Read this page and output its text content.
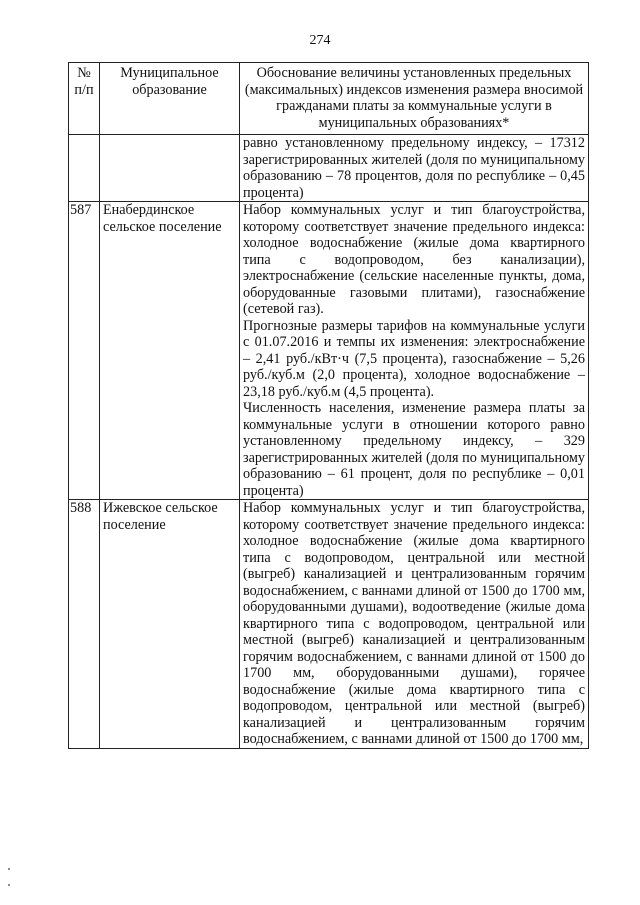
274
№ п/п	Муниципальное образование	Обоснование величины установленных предельных (максимальных) индексов изменения размера вносимой гражданами платы за коммунальные услуги в муниципальных образованиях*

		равно установленному предельному индексу, – 17312 зарегистрированных жителей (доля по муниципальному образованию – 78 процентов, доля по республике – 0,45 процента)

587	Енабердинское сельское поселение	Набор коммунальных услуг и тип благоустройства, которому соответствует значение предельного индекса: холодное водоснабжение (жилые дома квартирного типа с водопроводом, без канализации), электроснабжение (сельские населенные пункты, дома, оборудованные газовыми плитами), газоснабжение (сетевой газ).

Прогнозные размеры тарифов на коммунальные услуги с 01.07.2016 и темпы их изменения: электроснабжение – 2,41 руб./кВт·ч (7,5 процента), газоснабжение – 5,26 руб./куб.м (2,0 процента), холодное водоснабжение – 23,18 руб./куб.м (4,5 процента).

Численность населения, изменение размера платы за коммунальные услуги в отношении которого равно установленному предельному индексу, – 329 зарегистрированных жителей (доля по муниципальному образованию – 61 процент, доля по республике – 0,01 процента)

588	Ижевское сельское поселение	Набор коммунальных услуг и тип благоустройства, которому соответствует значение предельного индекса: холодное водоснабжение (жилые дома квартирного типа с водопроводом, центральной или местной (выгреб) канализацией и централизованным горячим водоснабжением, с ваннами длиной от 1500 до 1700 мм, оборудованными душами), водоотведение (жилые дома квартирного типа с водопроводом, центральной или местной (выгреб) канализацией и централизованным горячим водоснабжением, с ваннами длиной от 1500 до 1700 мм, оборудованными душами), горячее водоснабжение (жилые дома квартирного типа с водопроводом, центральной или местной (выгреб) канализацией и централизованным горячим водоснабжением, с ваннами длиной от 1500 до 1700 мм,
